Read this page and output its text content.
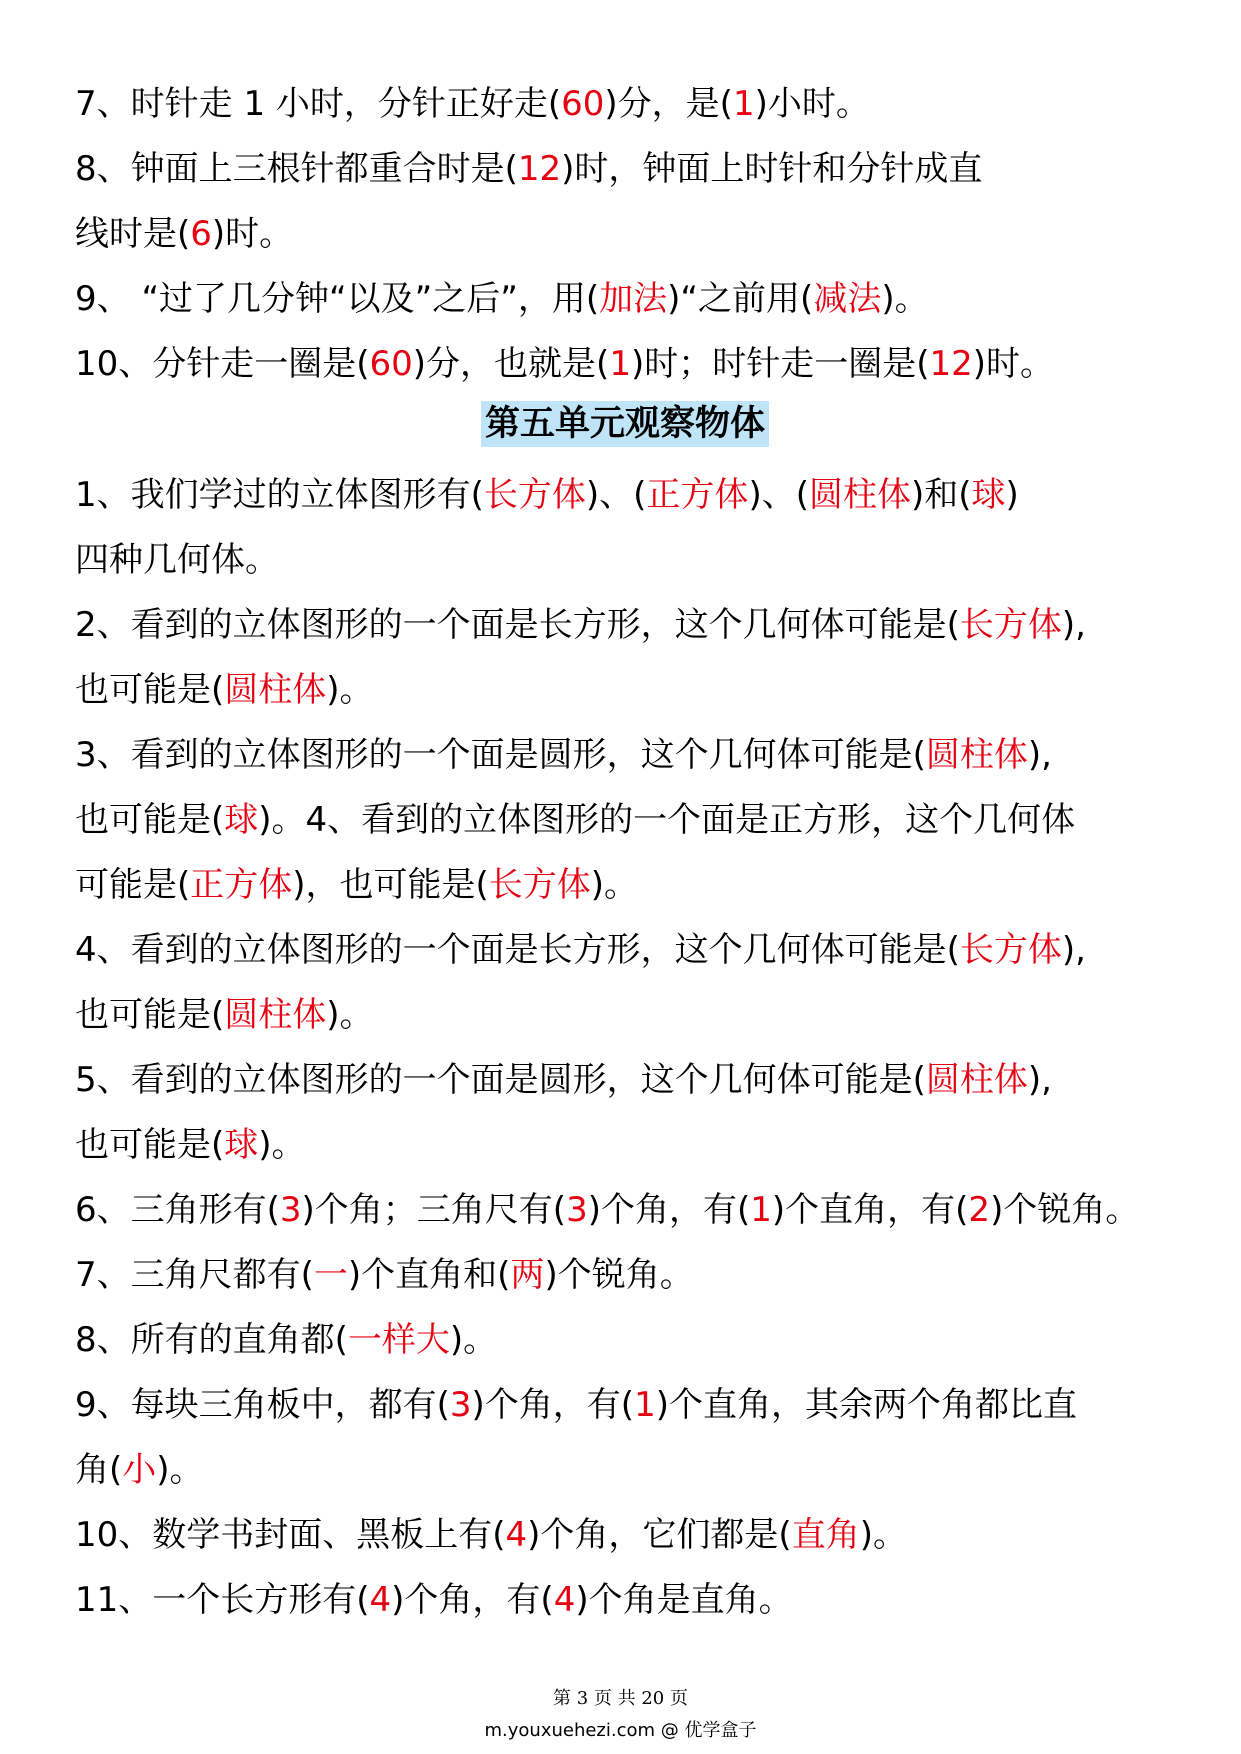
7、时针走 1 小时，分针正好走(60)分，是(1)小时。
8、钟面上三根针都重合时是(12)时，钟面上时针和分针成直
线时是(6)时。
9、 “过了几分钟“以及”之后”，用(加法)“之前用(减法)。
10、分针走一圈是(60)分，也就是(1)时；时针走一圈是(12)时。
第五单元观察物体
1、我们学过的立体图形有(长方体)、(正方体)、(圆柱体)和(球)
四种几何体。
2、看到的立体图形的一个面是长方形，这个几何体可能是(长方体),
也可能是(圆柱体)。
3、看到的立体图形的一个面是圆形，这个几何体可能是(圆柱体),
也可能是(球)。4、看到的立体图形的一个面是正方形，这个几何体
可能是(正方体)，也可能是(长方体)。
4、看到的立体图形的一个面是长方形，这个几何体可能是(长方体),
也可能是(圆柱体)。
5、看到的立体图形的一个面是圆形，这个几何体可能是(圆柱体),
也可能是(球)。
6、三角形有(3)个角；三角尺有(3)个角，有(1)个直角，有(2)个锐角。
7、三角尺都有(一)个直角和(两)个锐角。
8、所有的直角都(一样大)。
9、每块三角板中，都有(3)个角，有(1)个直角，其余两个角都比直
角(小)。
10、数学书封面、黑板上有(4)个角，它们都是(直角)。
11、一个长方形有(4)个角，有(4)个角是直角。
第 3 页 共 20 页
m.youxuehezi.com @ 优学盒子
